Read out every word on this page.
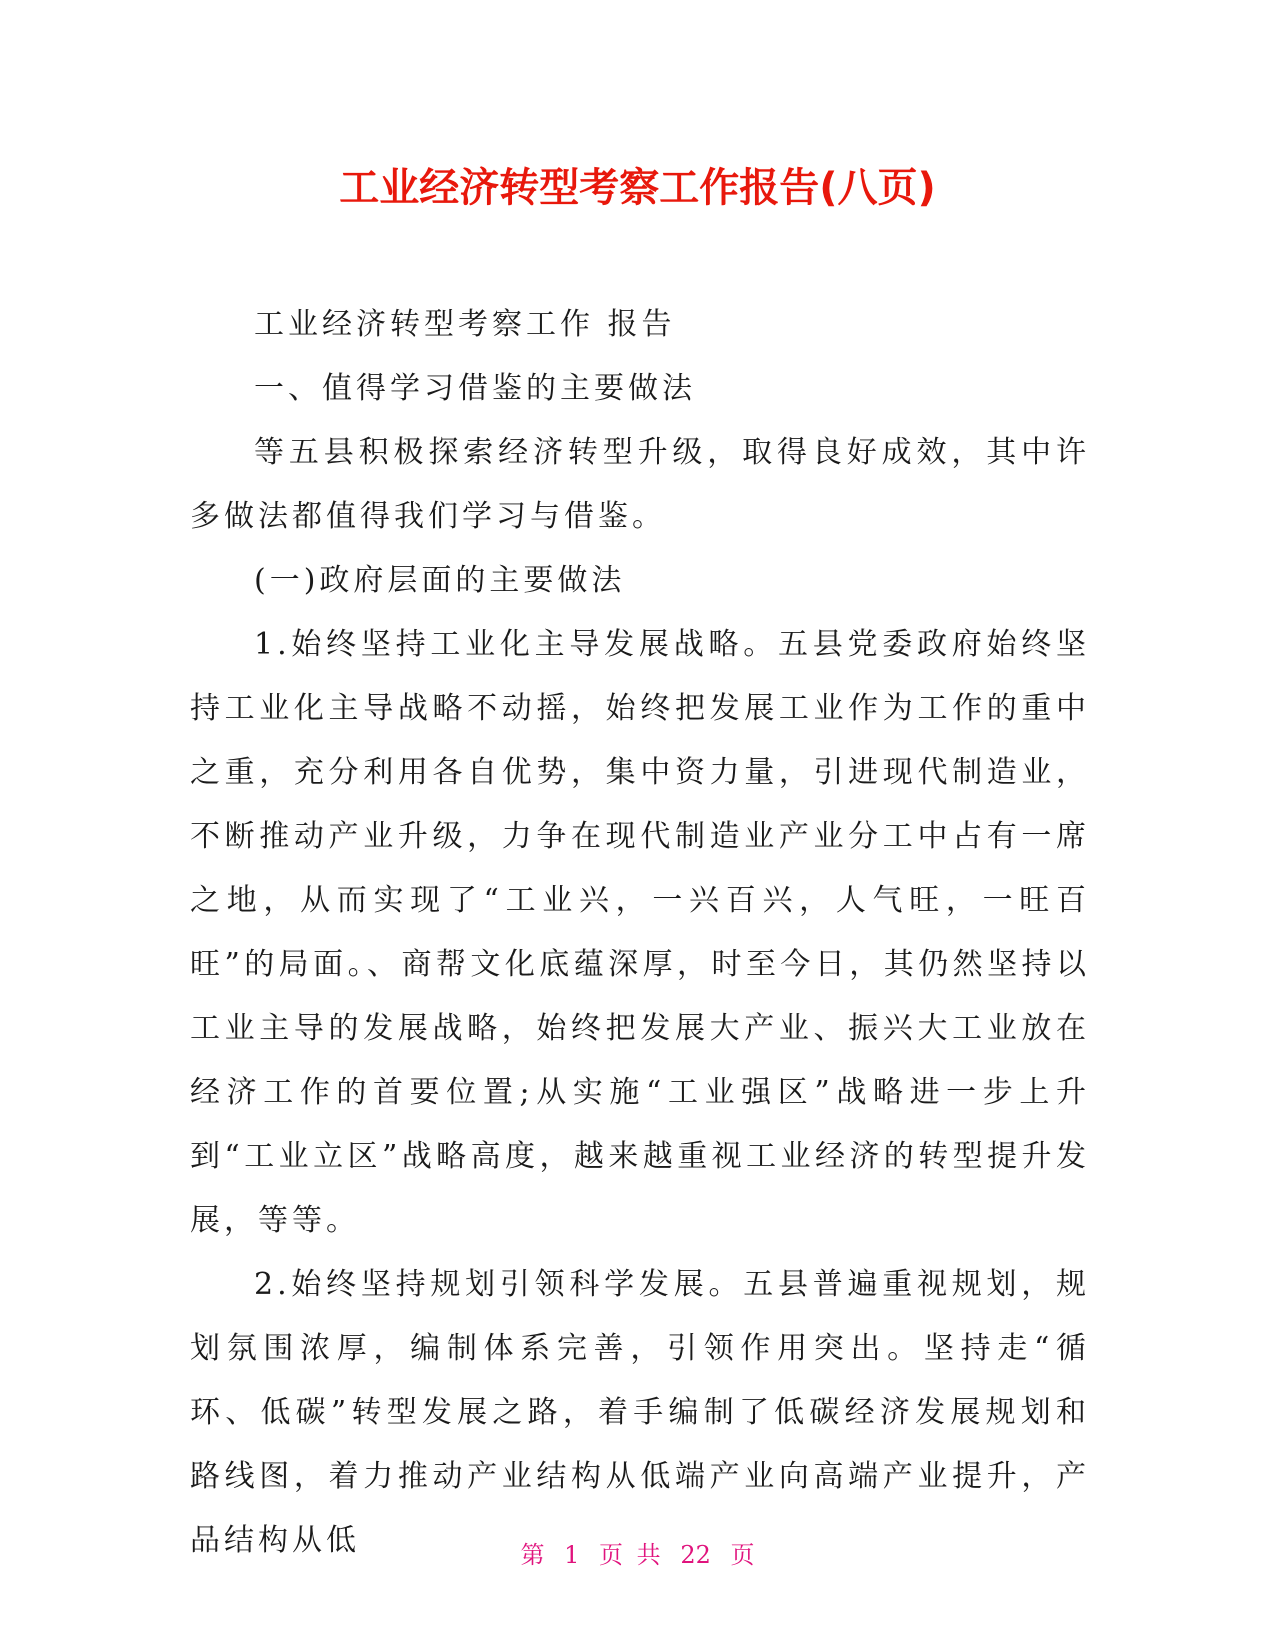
工业经济转型考察工作报告(八页)

工业经济转型考察工作 报告

一、值得学习借鉴的主要做法

等五县积极探索经济转型升级，取得良好成效，其中许多做法都值得我们学习与借鉴。

(一)政府层面的主要做法

1.始终坚持工业化主导发展战略。五县党委政府始终坚持工业化主导战略不动摇，始终把发展工业作为工作的重中之重，充分利用各自优势，集中资力量，引进现代制造业，不断推动产业升级，力争在现代制造业产业分工中占有一席之地，从而实现了“工业兴，一兴百兴，人气旺，一旺百旺”的局面。、商帮文化底蕴深厚，时至今日，其仍然坚持以工业主导的发展战略，始终把发展大产业、振兴大工业放在经济工作的首要位置;从实施“工业强区”战略进一步上升到“工业立区”战略高度，越来越重视工业经济的转型提升发展，等等。

2.始终坚持规划引领科学发展。五县普遍重视规划，规划氛围浓厚，编制体系完善，引领作用突出。坚持走“循环、低碳”转型发展之路，着手编制了低碳经济发展规划和路线图，着力推动产业结构从低端产业向高端产业提升，产品结构从低	第 1 页 共 22 页
